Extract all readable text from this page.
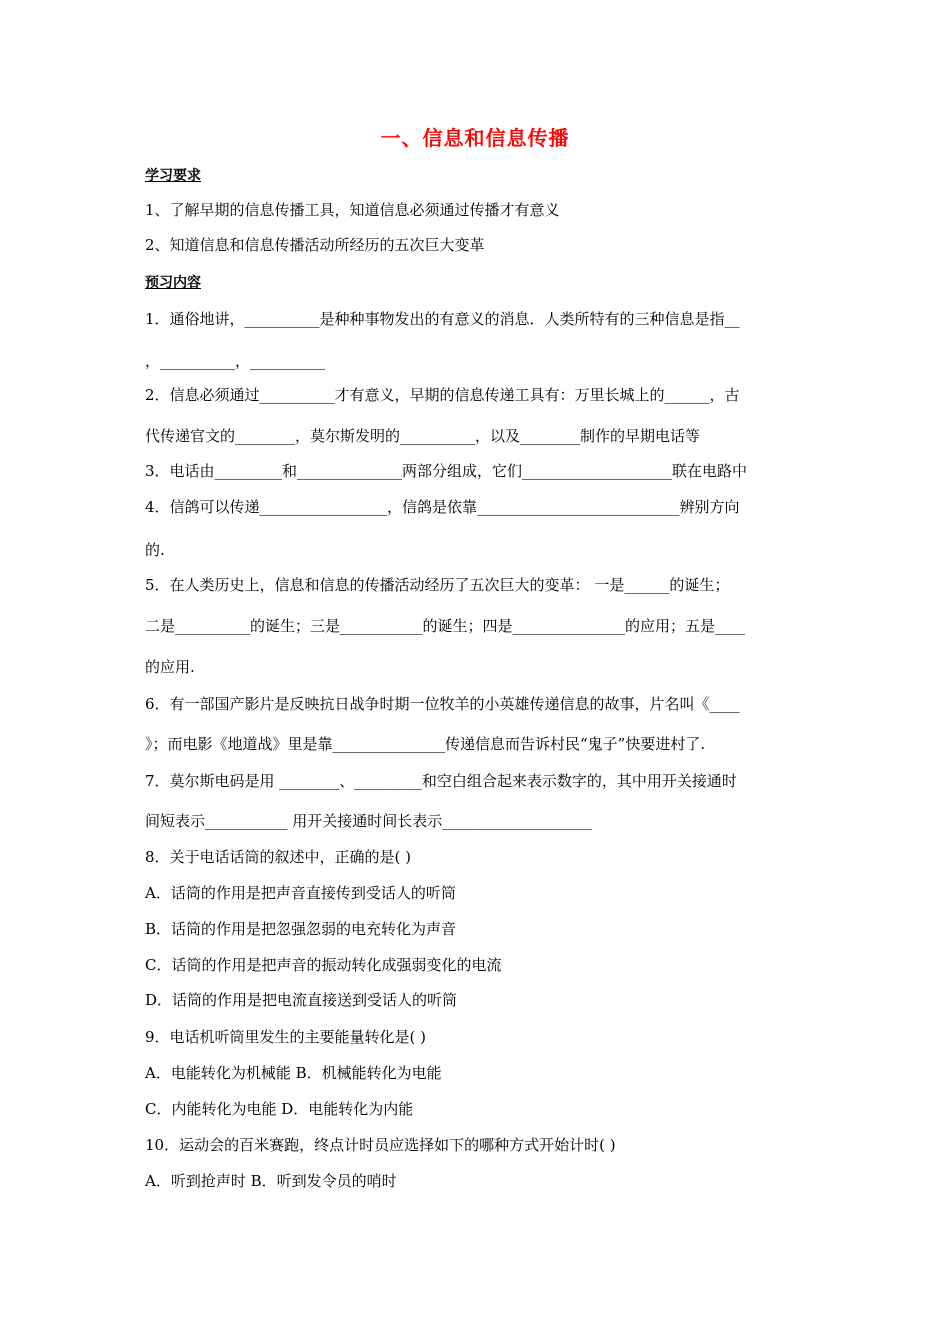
一、信息和信息传播
学习要求
1、了解早期的信息传播工具，知道信息必须通过传播才有意义
2、知道信息和信息传播活动所经历的五次巨大变革
预习内容
1．通俗地讲，__________是种种事物发出的有意义的消息．人类所特有的三种信息是指__
，__________，__________
2．信息必须通过__________才有意义，早期的信息传递工具有：万里长城上的______，古
代传递官文的________，莫尔斯发明的__________，以及________制作的早期电话等
3．电话由_________和______________两部分组成，它们____________________联在电路中
4．信鸽可以传递_________________，信鸽是依靠___________________________辨别方向
的.
5．在人类历史上，信息和信息的传播活动经历了五次巨大的变革： 一是______的诞生；
二是__________的诞生；三是___________的诞生；四是_______________的应用；五是____
的应用.
6．有一部国产影片是反映抗日战争时期一位牧羊的小英雄传递信息的故事，片名叫《____
》；而电影《地道战》里是靠_______________传递信息而告诉村民“鬼子”快要进村了.
7．莫尔斯电码是用 ________、_________和空白组合起来表示数字的，其中用开关接通时
间短表示___________ 用开关接通时间长表示____________________
8．关于电话话筒的叙述中，正确的是( )
A．话筒的作用是把声音直接传到受话人的听筒
B．话筒的作用是把忽强忽弱的电充转化为声音
C．话筒的作用是把声音的振动转化成强弱变化的电流
D．话筒的作用是把电流直接送到受话人的听筒
9．电话机听筒里发生的主要能量转化是( )
A．电能转化为机械能 B．机械能转化为电能
C．内能转化为电能 D．电能转化为内能
10．运动会的百米赛跑，终点计时员应选择如下的哪种方式开始计时( )
A．听到抢声时 B．听到发令员的哨时
